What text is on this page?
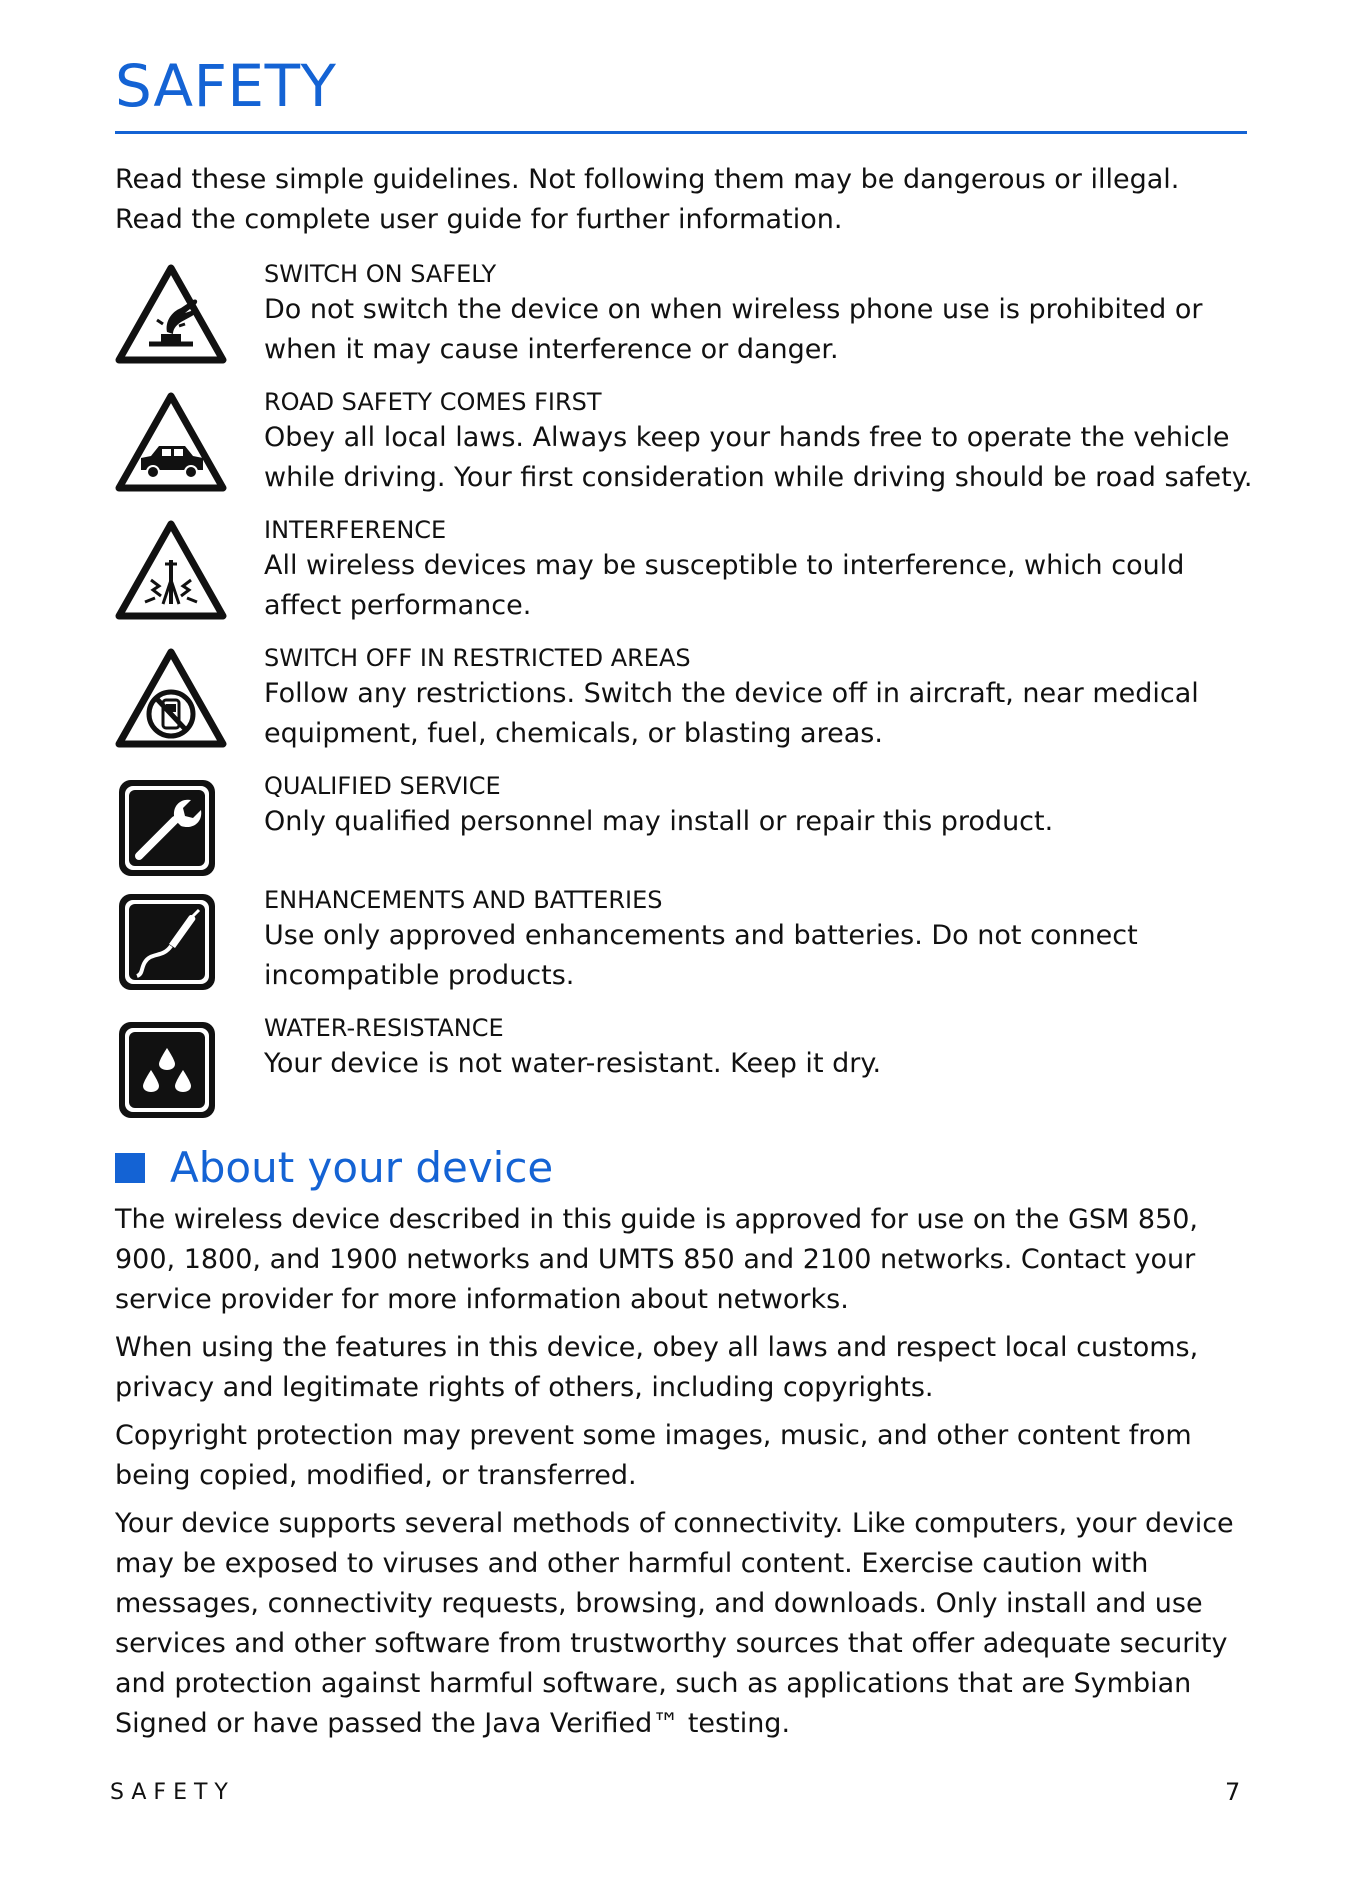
SAFETY

Read these simple guidelines. Not following them may be dangerous or illegal. Read the complete user guide for further information.

SWITCH ON SAFELY

Do not switch the device on when wireless phone use is prohibited or when it may cause interference or danger.

ROAD SAFETY COMES FIRST

Obey all local laws. Always keep your hands free to operate the vehicle while driving. Your first consideration while driving should be road safety.

INTERFERENCE

All wireless devices may be susceptible to interference, which could affect performance.

SWITCH OFF IN RESTRICTED AREAS

Follow any restrictions. Switch the device off in aircraft, near medical equipment, fuel, chemicals, or blasting areas.

QUALIFIED SERVICE

Only qualified personnel may install or repair this product.

ENHANCEMENTS AND BATTERIES

Use only approved enhancements and batteries. Do not connect incompatible products.

WATER-RESISTANCE

Your device is not water-resistant. Keep it dry.

About your device

The wireless device described in this guide is approved for use on the GSM 850, 900, 1800, and 1900 networks and UMTS 850 and 2100 networks. Contact your service provider for more information about networks.

When using the features in this device, obey all laws and respect local customs, privacy and legitimate rights of others, including copyrights.

Copyright protection may prevent some images, music, and other content from being copied, modified, or transferred.

Your device supports several methods of connectivity. Like computers, your device may be exposed to viruses and other harmful content. Exercise caution with messages, connectivity requests, browsing, and downloads. Only install and use services and other software from trustworthy sources that offer adequate security and protection against harmful software, such as applications that are Symbian Signed or have passed the Java Verified™ testing.

SAFETY	7
